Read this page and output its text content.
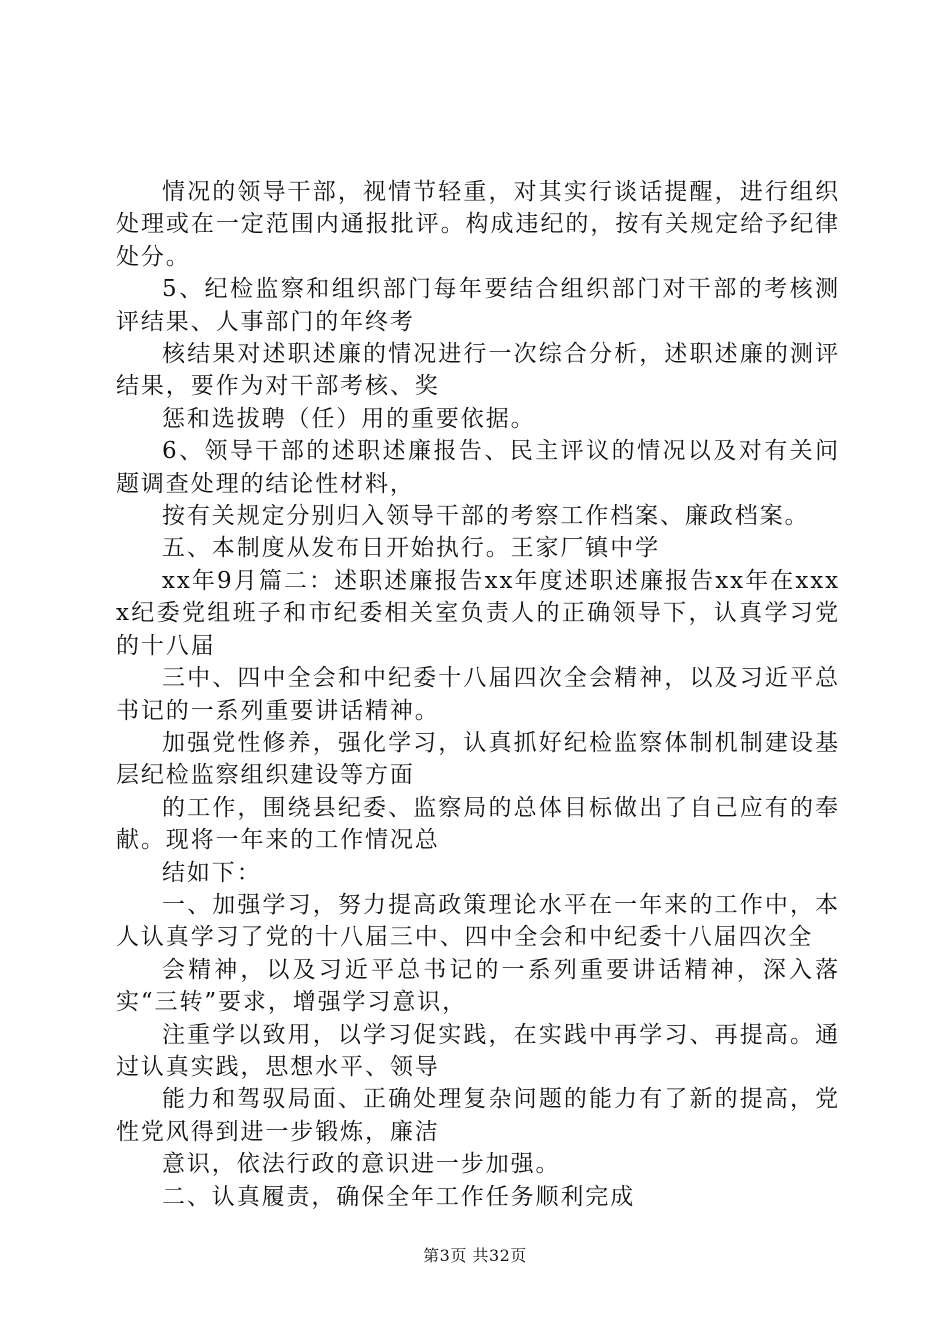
情况的领导干部，视情节轻重，对其实行谈话提醒，进行组织处理或在一定范围内通报批评。构成违纪的，按有关规定给予纪律处分。

5、纪检监察和组织部门每年要结合组织部门对干部的考核测评结果、人事部门的年终考

核结果对述职述廉的情况进行一次综合分析，述职述廉的测评结果，要作为对干部考核、奖

惩和选拔聘（任）用的重要依据。

6、领导干部的述职述廉报告、民主评议的情况以及对有关问题调查处理的结论性材料，

按有关规定分别归入领导干部的考察工作档案、廉政档案。

五、本制度从发布日开始执行。王家厂镇中学

xx年9月篇二：述职述廉报告xx年度述职述廉报告xx年在xxxx纪委党组班子和市纪委相关室负责人的正确领导下，认真学习党的十八届

三中、四中全会和中纪委十八届四次全会精神，以及习近平总书记的一系列重要讲话精神。

加强党性修养，强化学习，认真抓好纪检监察体制机制建设基层纪检监察组织建设等方面

的工作，围绕县纪委、监察局的总体目标做出了自己应有的奉献。现将一年来的工作情况总

结如下：

一、加强学习，努力提高政策理论水平在一年来的工作中，本人认真学习了党的十八届三中、四中全会和中纪委十八届四次全

会精神，以及习近平总书记的一系列重要讲话精神，深入落实“三转”要求，增强学习意识，

注重学以致用，以学习促实践，在实践中再学习、再提高。通过认真实践，思想水平、领导

能力和驾驭局面、正确处理复杂问题的能力有了新的提高，党性党风得到进一步锻炼，廉洁

意识，依法行政的意识进一步加强。

二、认真履责，确保全年工作任务顺利完成

第3页 共32页
